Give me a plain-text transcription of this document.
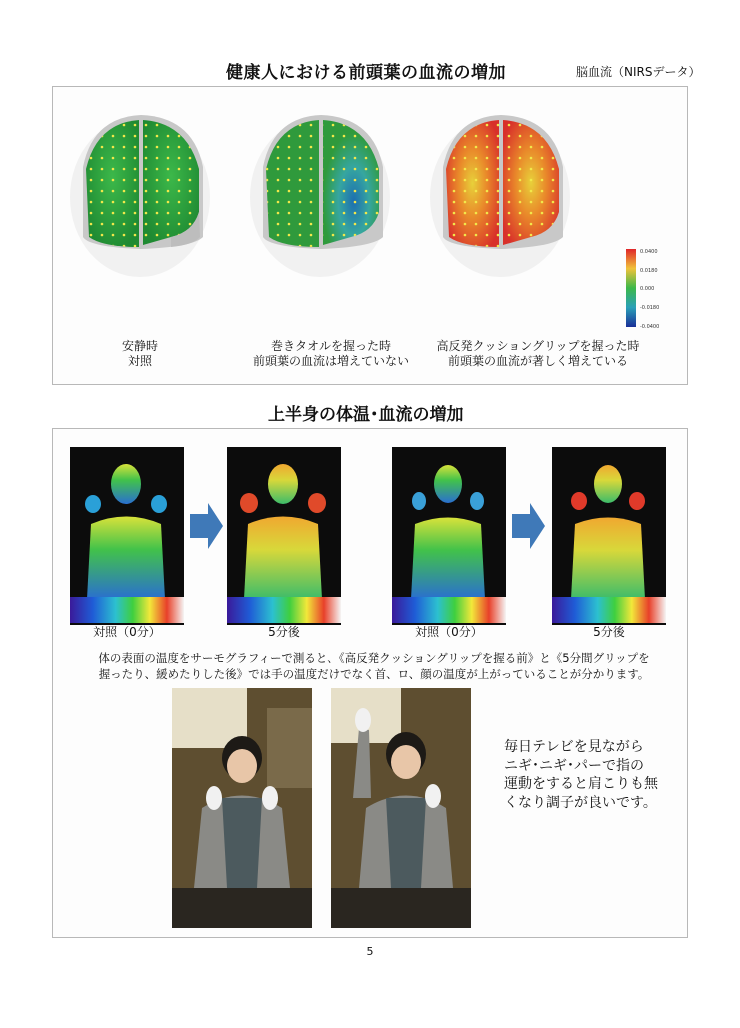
健康人における前頭葉の血流の増加	脳血流（NIRSデータ）
0.0400
0.0180
0.000
-0.0180
-0.0400
安静時
対照
巻きタオルを握った時
前頭葉の血流は増えていない
高反発クッショングリップを握った時
前頭葉の血流が著しく増えている
上半身の体温･血流の増加
対照（0分）	5分後	対照（0分）	5分後
体の表面の温度をサーモグラフィーで測ると､《高反発クッショングリップを握る前》と《5分間グリップを
握ったり、緩めたりした後》では手の温度だけでなく首、ロ、顔の温度が上がっていることが分かります。
毎日テレビを見ながら
ニギ･ニギ･パーで指の
運動をすると肩こりも無
くなり調子が良いです。
5
